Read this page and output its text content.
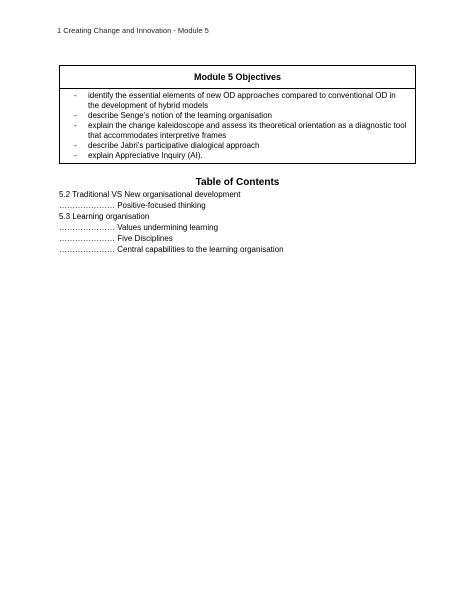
1 Creating Change and Innovation - Module 5
Module 5 Objectives
- identify the essential elements of new OD approaches compared to conventional OD in the development of hybrid models
- describe Senge’s notion of the learning organisation
- explain the change kaleidoscope and assess its theoretical orientation as a diagnostic tool that accommodates interpretive frames
- describe Jabri’s participative dialogical approach
- explain Appreciative Inquiry (AI).
Table of Contents
5.2 Traditional VS New organisational development
………………… Positive-focused thinking
5.3 Learning organisation
………………… Values undermining learning
………………… Five Disciplines
………………… Central capabilities to the learning organisation
